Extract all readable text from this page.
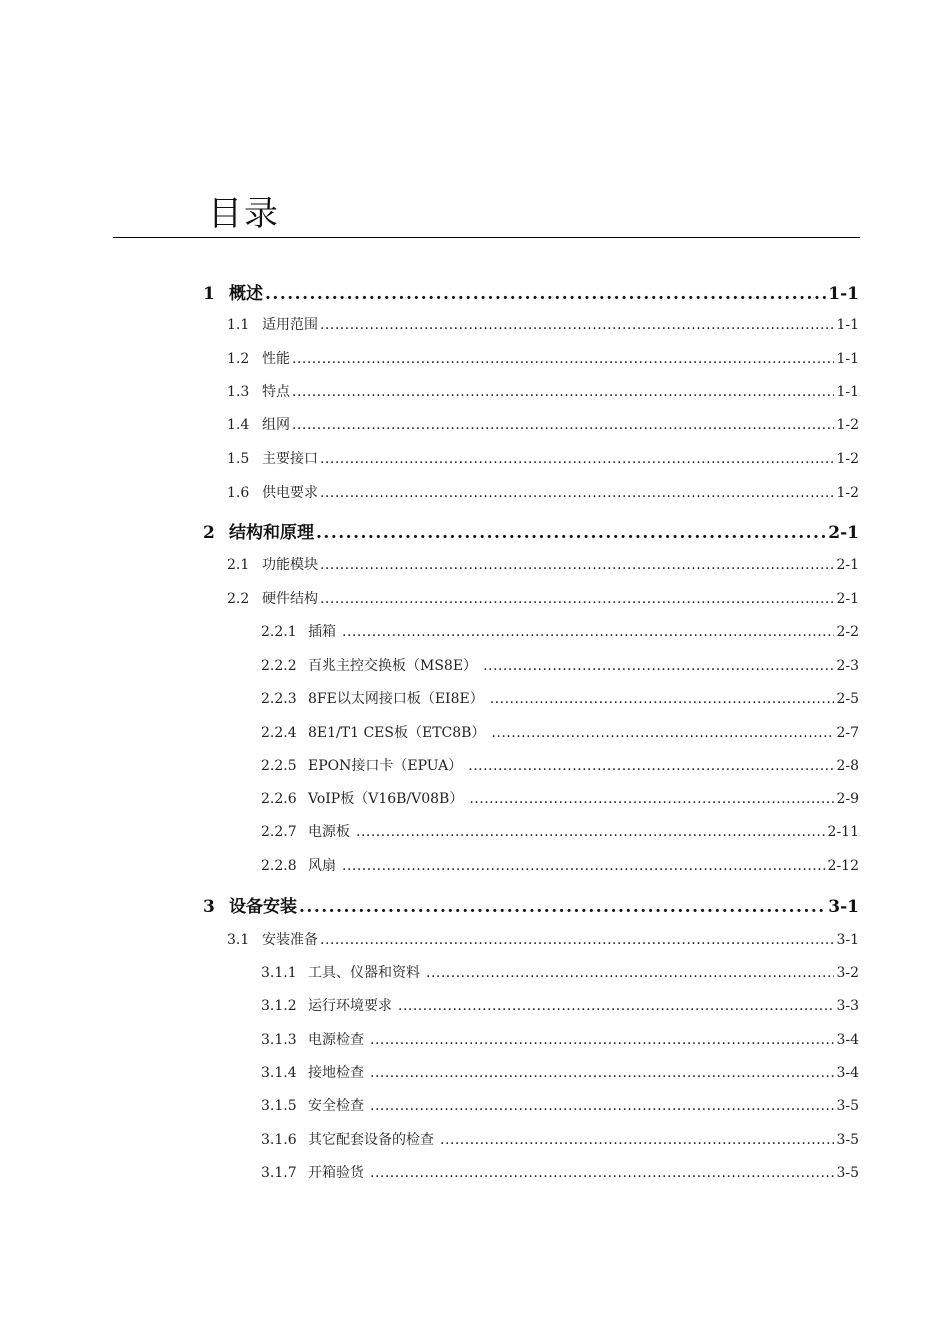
目录
1 概述 .....	1-1
1.1 适用范围 .....	1-1
1.2 性能 .....	1-1
1.3 特点 .....	1-1
1.4 组网 .....	1-2
1.5 主要接口 .....	1-2
1.6 供电要求 .....	1-2
2 结构和原理 .....	2-1
2.1 功能模块 .....	2-1
2.2 硬件结构 .....	2-1
2.2.1 插箱 .....	2-2
2.2.2 百兆主控交换板（MS8E） .....	2-3
2.2.3 8FE以太网接口板（EI8E） .....	2-5
2.2.4 8E1/T1 CES板（ETC8B） .....	2-7
2.2.5 EPON接口卡（EPUA） .....	2-8
2.2.6 VoIP板（V16B/V08B） .....	2-9
2.2.7 电源板 .....	2-11
2.2.8 风扇 .....	2-12
3 设备安装 .....	3-1
3.1 安装准备 .....	3-1
3.1.1 工具、仪器和资料 .....	3-2
3.1.2 运行环境要求 .....	3-3
3.1.3 电源检查 .....	3-4
3.1.4 接地检查 .....	3-4
3.1.5 安全检查 .....	3-5
3.1.6 其它配套设备的检查 .....	3-5
3.1.7 开箱验货 .....	3-5
